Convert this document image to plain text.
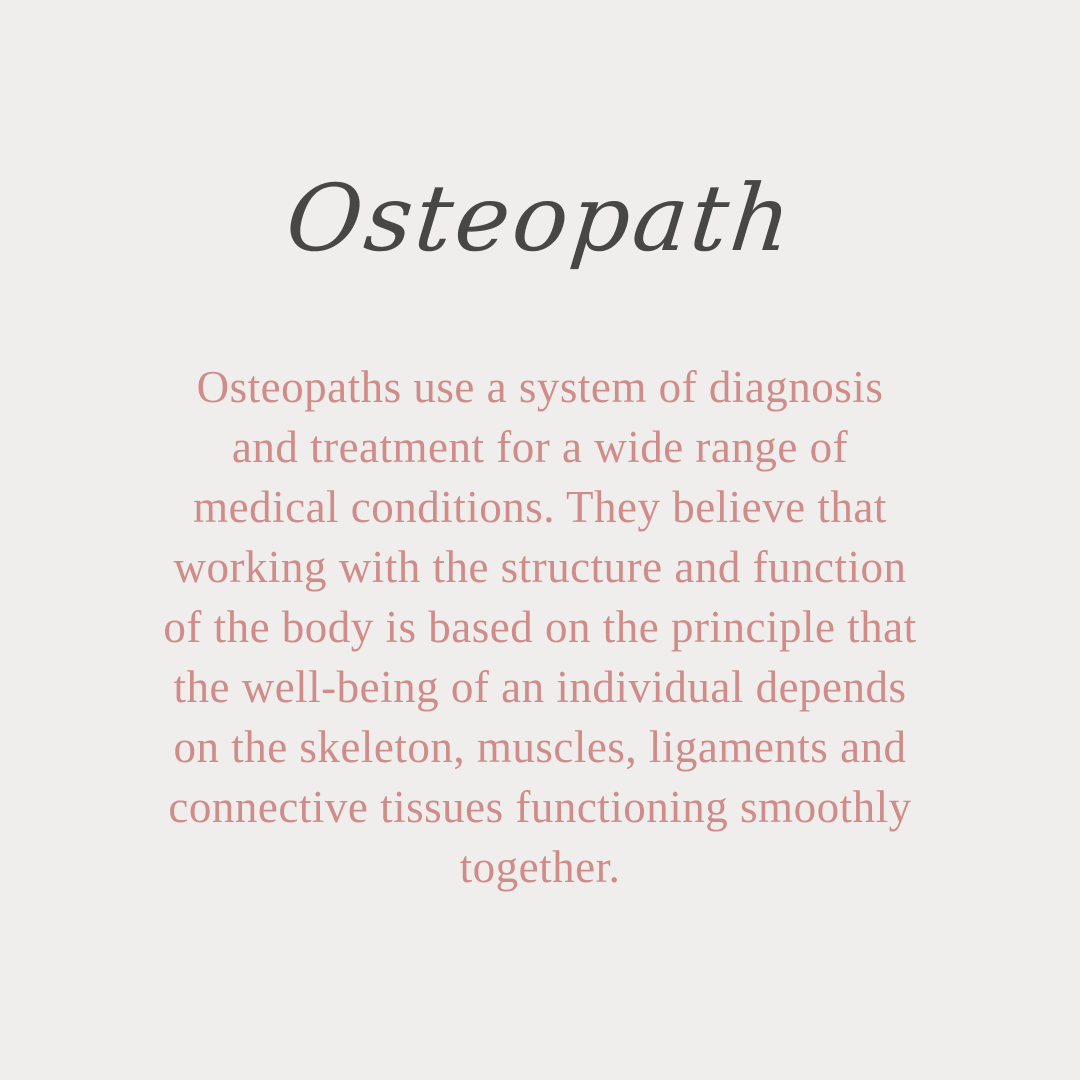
Osteopath
Osteopaths use a system of diagnosis
and treatment for a wide range of
medical conditions. They believe that
working with the structure and function
of the body is based on the principle that
the well-being of an individual depends
on the skeleton, muscles, ligaments and
connective tissues functioning smoothly
together.
